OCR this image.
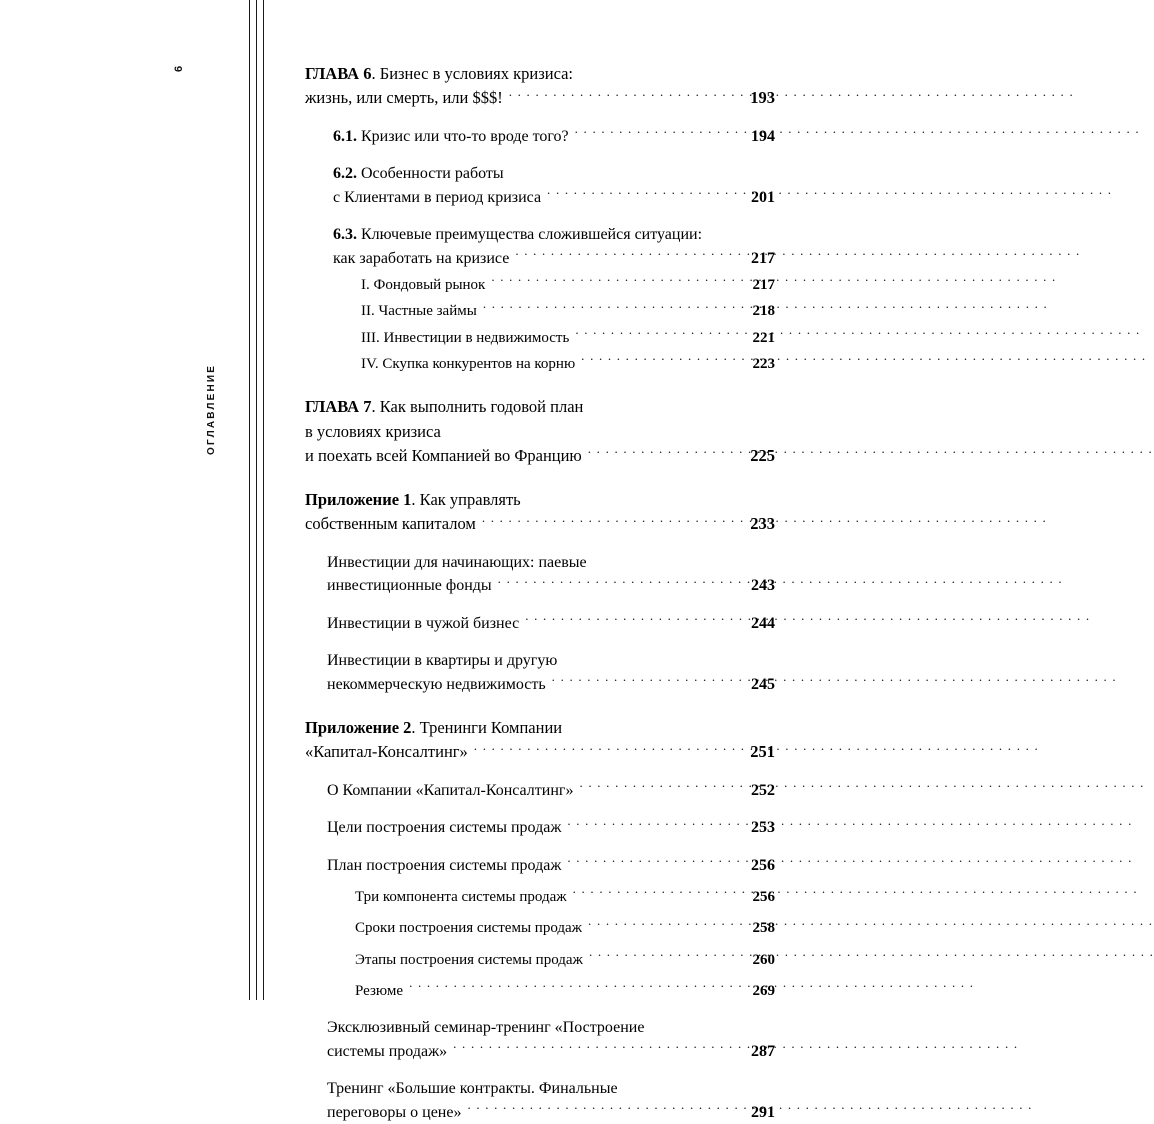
6
ОГЛАВЛЕНИЕ
ГЛАВА 6. Бизнес в условиях кризиса:
жизнь, или смерть, или $$$! . . .	193
6.1. Кризис или что-то вроде того? . . .	194
6.2. Особенности работы
с Клиентами в период кризиса . . .	201
6.3. Ключевые преимущества сложившейся ситуации:
как заработать на кризисе . . .	217
I. Фондовый рынок . . .	217
II. Частные займы . . .	218
III. Инвестиции в недвижимость . . .	221
IV. Скупка конкурентов на корню . . .	223
ГЛАВА 7. Как выполнить годовой план
в условиях кризиса
и поехать всей Компанией во Францию . . .	225
Приложение 1. Как управлять
собственным капиталом . . .	233
Инвестиции для начинающих: паевые
инвестиционные фонды . . .	243
Инвестиции в чужой бизнес . . .	244
Инвестиции в квартиры и другую
некоммерческую недвижимость . . .	245
Приложение 2. Тренинги Компании
«Капитал-Консалтинг» . . .	251
О Компании «Капитал-Консалтинг» . . .	252
Цели построения системы продаж . . .	253
План построения системы продаж . . .	256
Три компонента системы продаж . . .	256
Сроки построения системы продаж . . .	258
Этапы построения системы продаж . . .	260
Резюме . . .	269
Эксклюзивный семинар-тренинг «Построение
системы продаж» . . .	287
Тренинг «Большие контракты. Финальные
переговоры о цене» . . .	291
